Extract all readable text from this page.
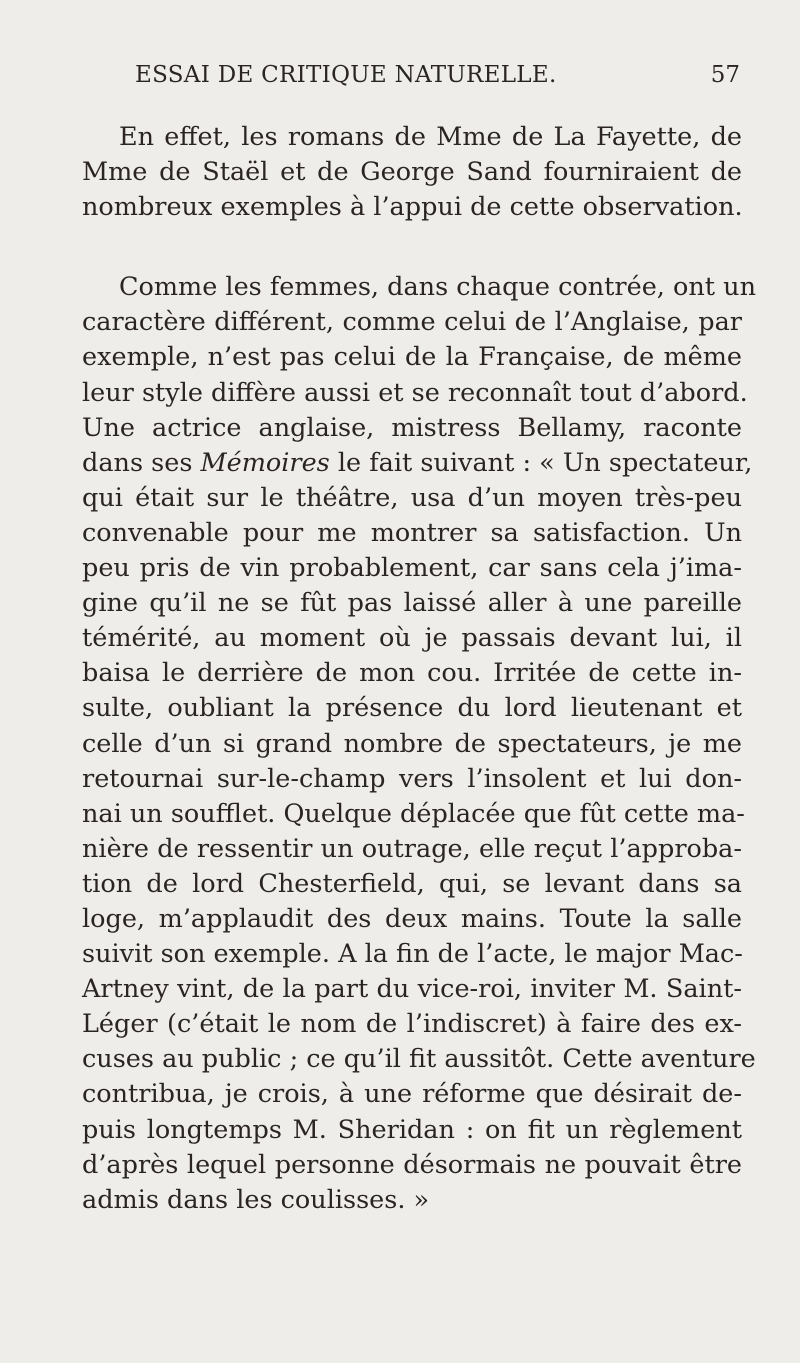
ESSAI DE CRITIQUE NATURELLE.	57
En effet, les romans de Mme de La Fayette, de
Mme de Staël et de George Sand fourniraient de
nombreux exemples à l’appui de cette observation.
Comme les femmes, dans chaque contrée, ont un
caractère différent, comme celui de l’Anglaise, par
exemple, n’est pas celui de la Française, de même
leur style diffère aussi et se reconnaît tout d’abord.
Une actrice anglaise, mistress Bellamy, raconte
dans ses Mémoires le fait suivant : « Un spectateur,
qui était sur le théâtre, usa d’un moyen très-peu
convenable pour me montrer sa satisfaction. Un
peu pris de vin probablement, car sans cela j’ima-
gine qu’il ne se fût pas laissé aller à une pareille
témérité, au moment où je passais devant lui, il
baisa le derrière de mon cou. Irritée de cette in-
sulte, oubliant la présence du lord lieutenant et
celle d’un si grand nombre de spectateurs, je me
retournai sur-le-champ vers l’insolent et lui don-
nai un soufflet. Quelque déplacée que fût cette ma-
nière de ressentir un outrage, elle reçut l’approba-
tion de lord Chesterfield, qui, se levant dans sa
loge, m’applaudit des deux mains. Toute la salle
suivit son exemple. A la fin de l’acte, le major Mac-
Artney vint, de la part du vice-roi, inviter M. Saint-
Léger (c’était le nom de l’indiscret) à faire des ex-
cuses au public ; ce qu’il fit aussitôt. Cette aventure
contribua, je crois, à une réforme que désirait de-
puis longtemps M. Sheridan : on fit un règlement
d’après lequel personne désormais ne pouvait être
admis dans les coulisses. »
